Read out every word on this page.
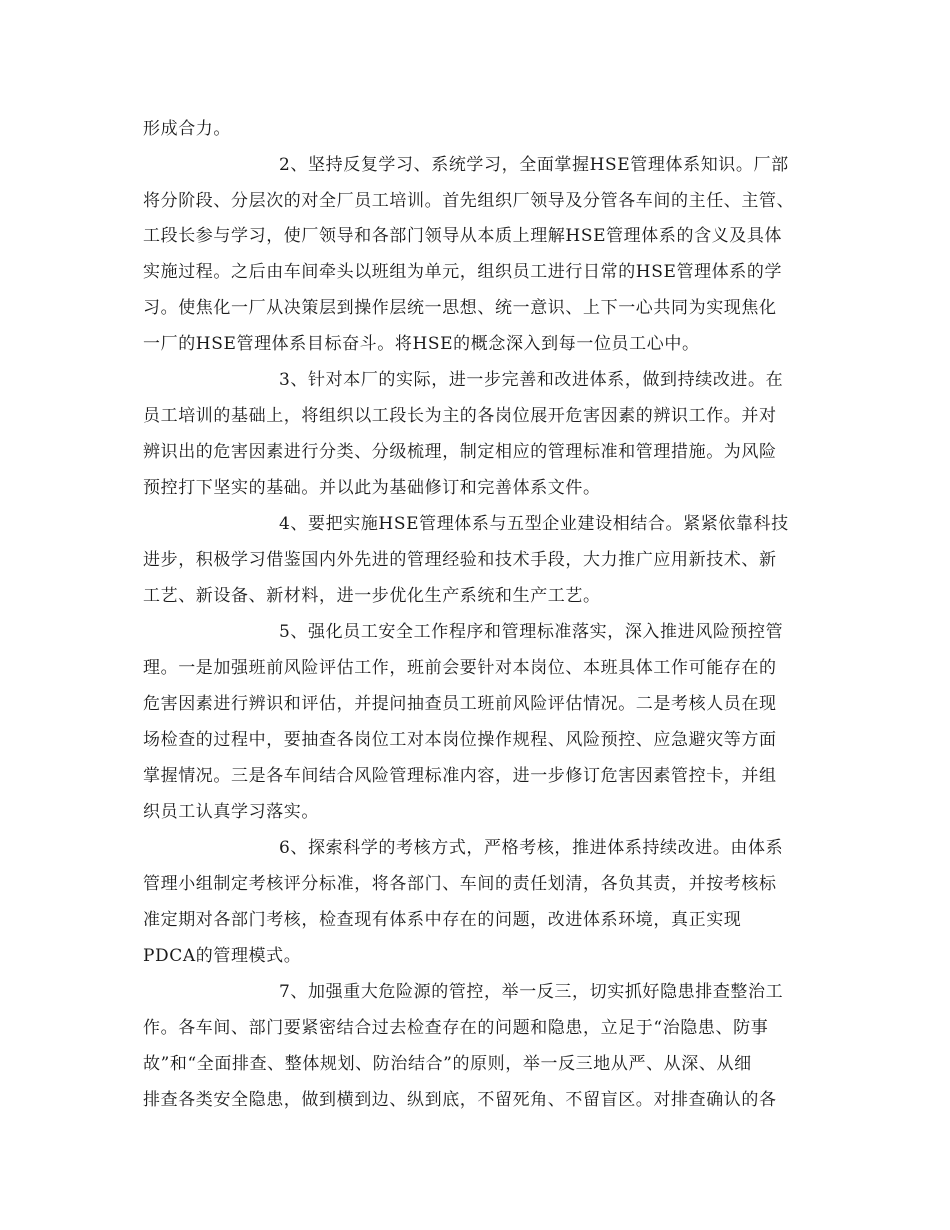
形成合力。
2、坚持反复学习、系统学习，全面掌握HSE管理体系知识。厂部
将分阶段、分层次的对全厂员工培训。首先组织厂领导及分管各车间的主任、主管、
工段长参与学习，使厂领导和各部门领导从本质上理解HSE管理体系的含义及具体
实施过程。之后由车间牵头以班组为单元，组织员工进行日常的HSE管理体系的学
习。使焦化一厂从决策层到操作层统一思想、统一意识、上下一心共同为实现焦化
一厂的HSE管理体系目标奋斗。将HSE的概念深入到每一位员工心中。
3、针对本厂的实际，进一步完善和改进体系，做到持续改进。在
员工培训的基础上，将组织以工段长为主的各岗位展开危害因素的辨识工作。并对
辨识出的危害因素进行分类、分级梳理，制定相应的管理标准和管理措施。为风险
预控打下坚实的基础。并以此为基础修订和完善体系文件。
4、要把实施HSE管理体系与五型企业建设相结合。紧紧依靠科技
进步，积极学习借鉴国内外先进的管理经验和技术手段，大力推广应用新技术、新
工艺、新设备、新材料，进一步优化生产系统和生产工艺。
5、强化员工安全工作程序和管理标准落实，深入推进风险预控管
理。一是加强班前风险评估工作，班前会要针对本岗位、本班具体工作可能存在的
危害因素进行辨识和评估，并提问抽查员工班前风险评估情况。二是考核人员在现
场检查的过程中，要抽查各岗位工对本岗位操作规程、风险预控、应急避灾等方面
掌握情况。三是各车间结合风险管理标准内容，进一步修订危害因素管控卡，并组
织员工认真学习落实。
6、探索科学的考核方式，严格考核，推进体系持续改进。由体系
管理小组制定考核评分标准，将各部门、车间的责任划清，各负其责，并按考核标
准定期对各部门考核，检查现有体系中存在的问题，改进体系环境，真正实现
PDCA的管理模式。
7、加强重大危险源的管控，举一反三，切实抓好隐患排查整治工
作。各车间、部门要紧密结合过去检查存在的问题和隐患，立足于“治隐患、防事
故”和“全面排查、整体规划、防治结合”的原则，举一反三地从严、从深、从细
排查各类安全隐患，做到横到边、纵到底，不留死角、不留盲区。对排查确认的各
